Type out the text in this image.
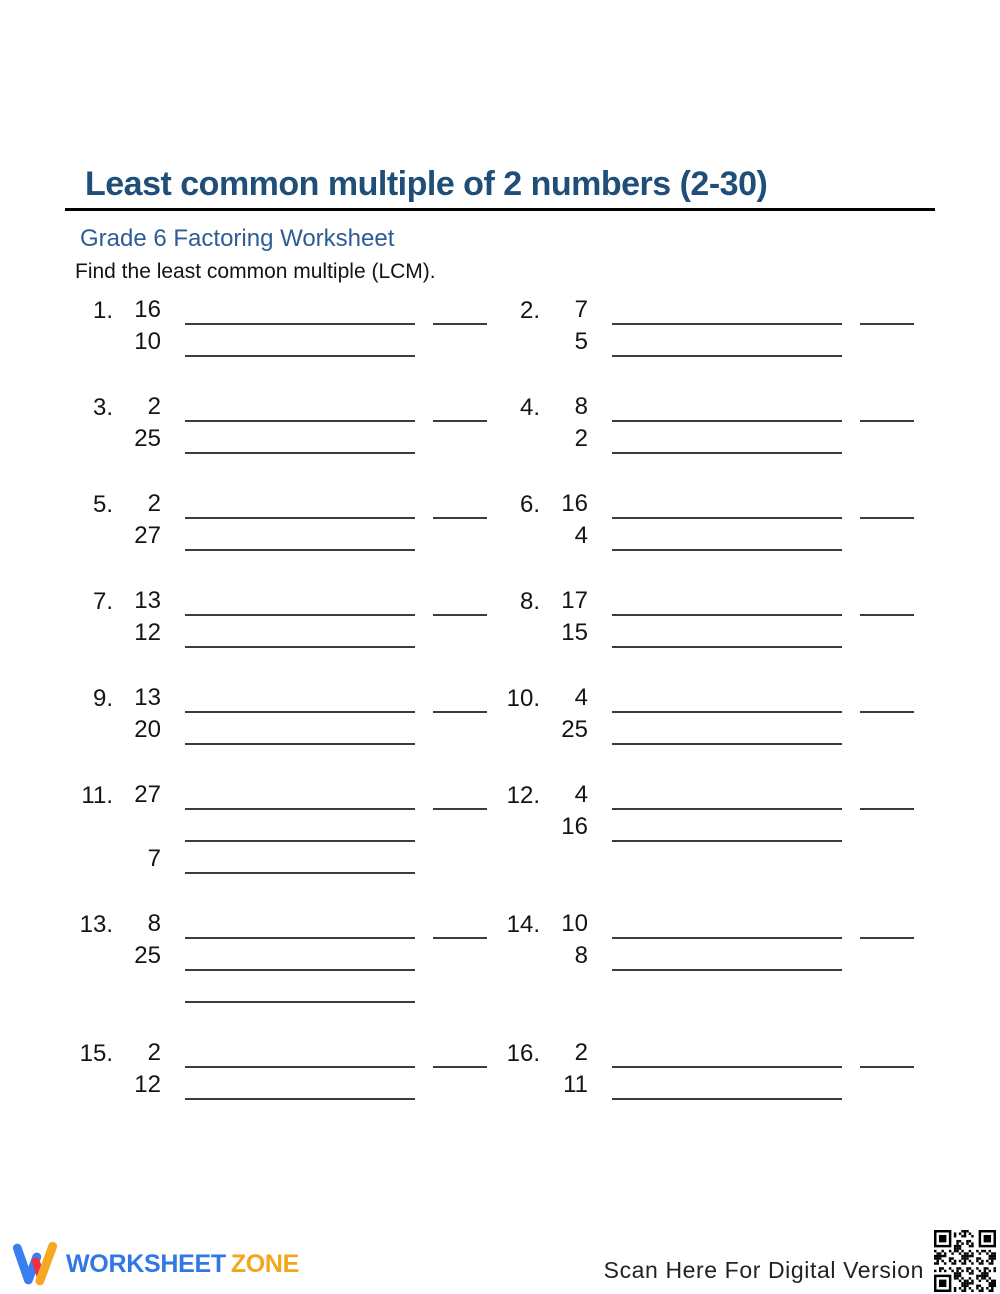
Least common multiple of 2 numbers (2-30)
Grade 6 Factoring Worksheet

Find the least common multiple (LCM).

1. 16
10
2.	7
5
3.	2
25
4.	8
2
5.	2
27
6. 16
4
7. 13
12
8. 17
15
9. 13
20
10.	4
25
11. 27
7
12.	4
16
13.	8
25
14. 10
8
15.	2
12
16.	2
11
WORKSHEET ZONE	Scan Here For Digital Version
